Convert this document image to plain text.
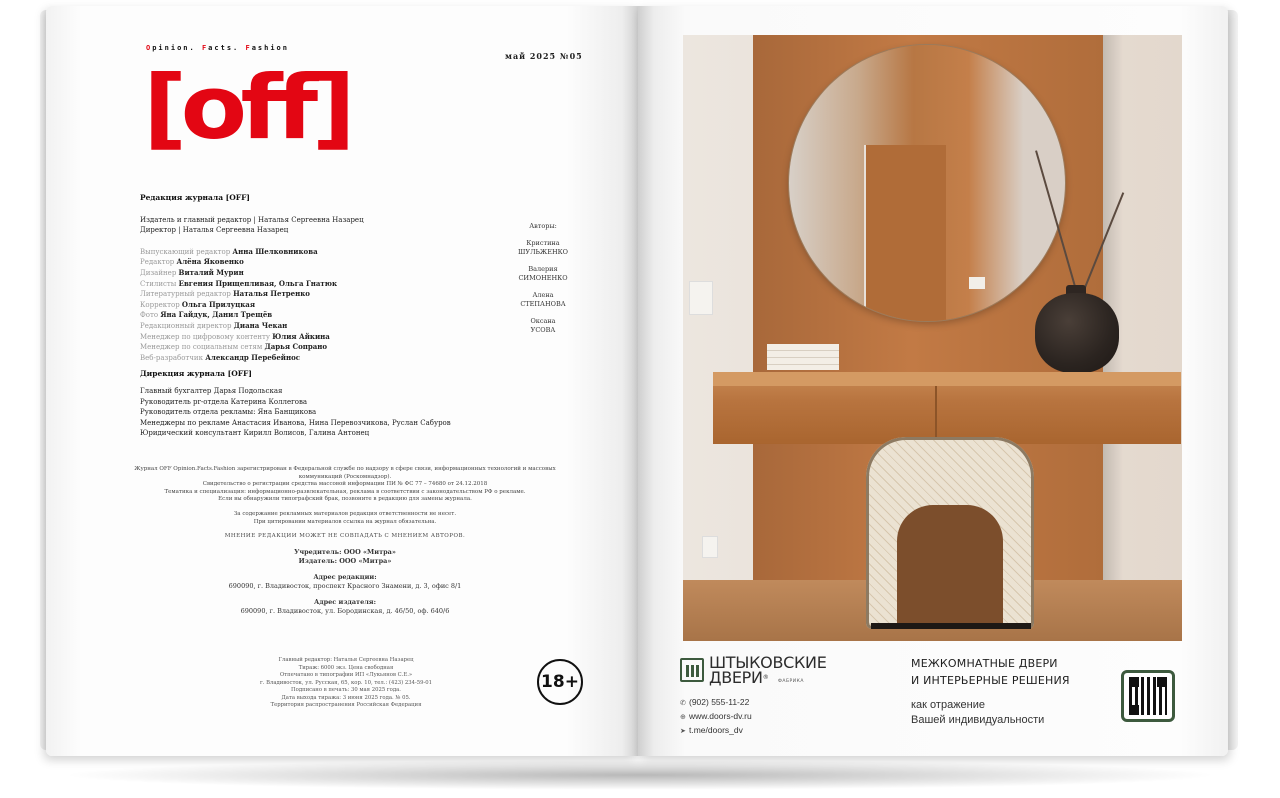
Opinion. Facts. Fashion
май 2025 №05
[off]
Редакция журнала [OFF]
Издатель и главный редактор | Наталья Сергеевна Назарец
Директор | Наталья Сергеевна Назарец
Выпускающий редактор Анна Шелковникова
Редактор Алёна Яковенко
Дизайнер Виталий Мурин
Стилисты Евгения Прищепливая, Ольга Гнатюк
Литературный редактор Наталья Петренко
Корректор Ольга Прилуцкая
Фото Яна Гайдук, Данил Трещёв
Редакционный директор Диана Чекан
Менеджер по цифровому контенту Юлия Айкина
Менеджер по социальным сетям Дарья Сопрано
Веб-разработчик Александр Перебейнос
Дирекция журнала [OFF]
Главный бухгалтер Дарья Подольская
Руководитель pr-отдела Катерина Коллегова
Руководитель отдела рекламы: Яна Банщикова
Менеджеры по рекламе Анастасия Иванова, Нина Перевозчикова, Руслан Сабуров
Юридический консультант Кирилл Волисов, Галина Антонец
Авторы:
Кристина
ШУЛЬЖЕНКО
Валерия
СИМОНЕНКО
Алена
СТЕПАНОВА
Оксана
УСОВА
Журнал OFF Opinion.Facts.Fashion зарегистрирован в Федеральной службе по надзору в сфере связи, информационных технологий и массовых коммуникаций (Роскомнадзор).
Свидетельство о регистрации средства массовой информации ПИ № ФС 77 – 74680 от 24.12.2018
Тематика и специализация: информационно-развлекательная, реклама в соответствии с законодательством РФ о рекламе.
Если вы обнаружили типографский брак, позвоните в редакцию для замены журнала.
За содержание рекламных материалов редакция ответственности не несет.
При цитировании материалов ссылка на журнал обязательна.
МНЕНИЕ РЕДАКЦИИ МОЖЕТ НЕ СОВПАДАТЬ С МНЕНИЕМ АВТОРОВ.
Учредитель: ООО «Митра»
Издатель: ООО «Митра»
Адрес редакции:
690090, г. Владивосток, проспект Красного Знамени, д. 3, офис 8/1
Адрес издателя:
690090, г. Владивосток, ул. Бородинская, д. 46/50, оф. 640/6
Главный редактор: Наталья Сергеевна Назарец
Тираж: 6000 экз. Цена свободная
Отпечатано в типографии ИП «Лукьянов С.Е.»
г. Владивосток, ул. Русская, 65, кор. 10, тел.: (423) 234-59-01
Подписано в печать: 30 мая 2025 года.
Дата выхода тиража: 3 июня 2025 года. № 05.
Территория распространения Российская Федерация
18+
ШТЫКОВСКИЕ
ДВЕРИ®
ФАБРИКА
✆ (902) 555-11-22
⊕ www.doors-dv.ru
➤ t.me/doors_dv
МЕЖКОМНАТНЫЕ ДВЕРИ
И ИНТЕРЬЕРНЫЕ РЕШЕНИЯ
как отражение
Вашей индивидуальности
